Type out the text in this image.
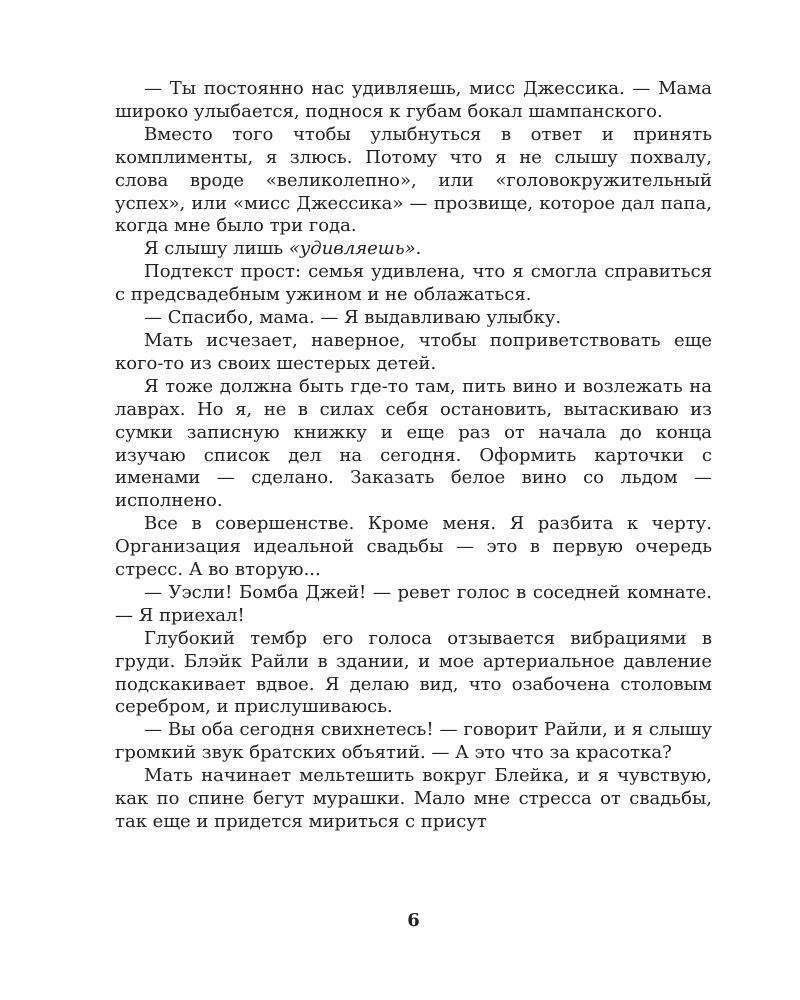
— Ты постоянно нас удивляешь, мисс Джессика. — Мама широко улыбается, поднося к губам бокал шампанского.

Вместо того чтобы улыбнуться в ответ и принять комплименты, я злюсь. Потому что я не слышу похвалу, слова вроде «великолепно», или «головокружительный успех», или «мисс Джессика» — прозвище, которое дал папа, когда мне было три года.

Я слышу лишь «удивляешь».

Подтекст прост: семья удивлена, что я смогла справиться с предсвадебным ужином и не облажаться.

— Спасибо, мама. — Я выдавливаю улыбку.

Мать исчезает, наверное, чтобы поприветствовать еще кого-то из своих шестерых детей.

Я тоже должна быть где-то там, пить вино и возлежать на лаврах. Но я, не в силах себя остановить, вытаскиваю из сумки записную книжку и еще раз от начала до конца изучаю список дел на сегодня. Оформить карточки с именами — сделано. Заказать белое вино со льдом — исполнено.

Все в совершенстве. Кроме меня. Я разбита к черту. Организация идеальной свадьбы — это в первую очередь стресс. А во вторую...

— Уэсли! Бомба Джей! — ревет голос в соседней комнате. — Я приехал!

Глубокий тембр его голоса отзывается вибрациями в груди. Блэйк Райли в здании, и мое артериальное давление подскакивает вдвое. Я делаю вид, что озабочена столовым серебром, и прислушиваюсь.

— Вы оба сегодня свихнетесь! — говорит Райли, и я слышу громкий звук братских объятий. — А это что за красотка?

Мать начинает мельтешить вокруг Блейка, и я чувствую, как по спине бегут мурашки. Мало мне стресса от свадьбы, так еще и придется мириться с присут

6
